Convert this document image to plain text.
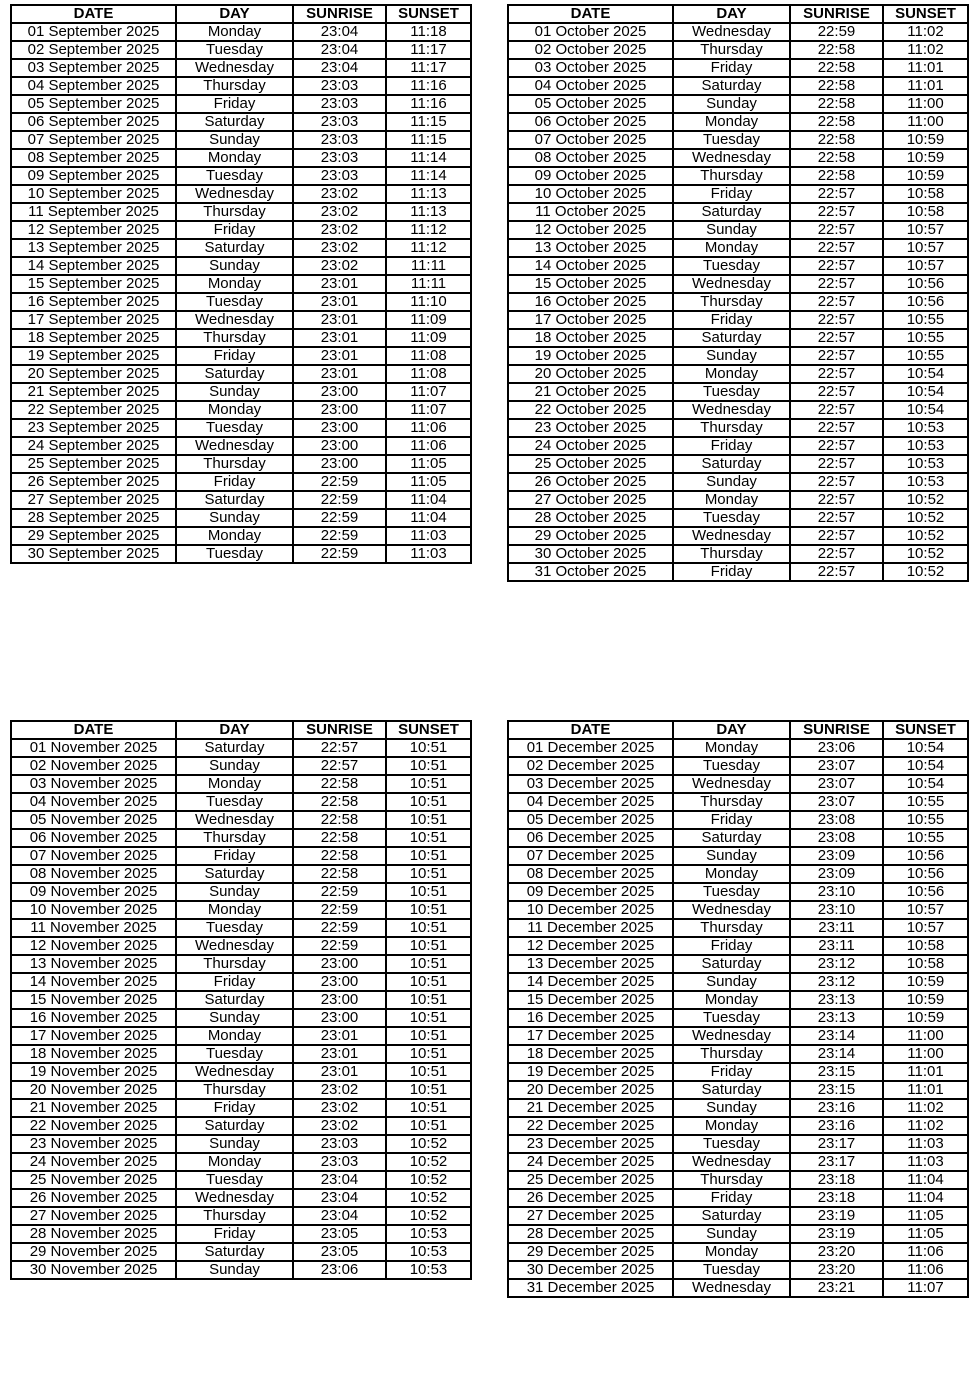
DATE	DAY	SUNRISE	SUNSET
01 September 2025	Monday	23:04	11:18
02 September 2025	Tuesday	23:04	11:17
03 September 2025	Wednesday	23:04	11:17
04 September 2025	Thursday	23:03	11:16
05 September 2025	Friday	23:03	11:16
06 September 2025	Saturday	23:03	11:15
07 September 2025	Sunday	23:03	11:15
08 September 2025	Monday	23:03	11:14
09 September 2025	Tuesday	23:03	11:14
10 September 2025	Wednesday	23:02	11:13
11 September 2025	Thursday	23:02	11:13
12 September 2025	Friday	23:02	11:12
13 September 2025	Saturday	23:02	11:12
14 September 2025	Sunday	23:02	11:11
15 September 2025	Monday	23:01	11:11
16 September 2025	Tuesday	23:01	11:10
17 September 2025	Wednesday	23:01	11:09
18 September 2025	Thursday	23:01	11:09
19 September 2025	Friday	23:01	11:08
20 September 2025	Saturday	23:01	11:08
21 September 2025	Sunday	23:00	11:07
22 September 2025	Monday	23:00	11:07
23 September 2025	Tuesday	23:00	11:06
24 September 2025	Wednesday	23:00	11:06
25 September 2025	Thursday	23:00	11:05
26 September 2025	Friday	22:59	11:05
27 September 2025	Saturday	22:59	11:04
28 September 2025	Sunday	22:59	11:04
29 September 2025	Monday	22:59	11:03
30 September 2025	Tuesday	22:59	11:03
DATE	DAY	SUNRISE	SUNSET
01 October 2025	Wednesday	22:59	11:02
02 October 2025	Thursday	22:58	11:02
03 October 2025	Friday	22:58	11:01
04 October 2025	Saturday	22:58	11:01
05 October 2025	Sunday	22:58	11:00
06 October 2025	Monday	22:58	11:00
07 October 2025	Tuesday	22:58	10:59
08 October 2025	Wednesday	22:58	10:59
09 October 2025	Thursday	22:58	10:59
10 October 2025	Friday	22:57	10:58
11 October 2025	Saturday	22:57	10:58
12 October 2025	Sunday	22:57	10:57
13 October 2025	Monday	22:57	10:57
14 October 2025	Tuesday	22:57	10:57
15 October 2025	Wednesday	22:57	10:56
16 October 2025	Thursday	22:57	10:56
17 October 2025	Friday	22:57	10:55
18 October 2025	Saturday	22:57	10:55
19 October 2025	Sunday	22:57	10:55
20 October 2025	Monday	22:57	10:54
21 October 2025	Tuesday	22:57	10:54
22 October 2025	Wednesday	22:57	10:54
23 October 2025	Thursday	22:57	10:53
24 October 2025	Friday	22:57	10:53
25 October 2025	Saturday	22:57	10:53
26 October 2025	Sunday	22:57	10:53
27 October 2025	Monday	22:57	10:52
28 October 2025	Tuesday	22:57	10:52
29 October 2025	Wednesday	22:57	10:52
30 October 2025	Thursday	22:57	10:52
31 October 2025	Friday	22:57	10:52
DATE	DAY	SUNRISE	SUNSET
01 November 2025	Saturday	22:57	10:51
02 November 2025	Sunday	22:57	10:51
03 November 2025	Monday	22:58	10:51
04 November 2025	Tuesday	22:58	10:51
05 November 2025	Wednesday	22:58	10:51
06 November 2025	Thursday	22:58	10:51
07 November 2025	Friday	22:58	10:51
08 November 2025	Saturday	22:58	10:51
09 November 2025	Sunday	22:59	10:51
10 November 2025	Monday	22:59	10:51
11 November 2025	Tuesday	22:59	10:51
12 November 2025	Wednesday	22:59	10:51
13 November 2025	Thursday	23:00	10:51
14 November 2025	Friday	23:00	10:51
15 November 2025	Saturday	23:00	10:51
16 November 2025	Sunday	23:00	10:51
17 November 2025	Monday	23:01	10:51
18 November 2025	Tuesday	23:01	10:51
19 November 2025	Wednesday	23:01	10:51
20 November 2025	Thursday	23:02	10:51
21 November 2025	Friday	23:02	10:51
22 November 2025	Saturday	23:02	10:51
23 November 2025	Sunday	23:03	10:52
24 November 2025	Monday	23:03	10:52
25 November 2025	Tuesday	23:04	10:52
26 November 2025	Wednesday	23:04	10:52
27 November 2025	Thursday	23:04	10:52
28 November 2025	Friday	23:05	10:53
29 November 2025	Saturday	23:05	10:53
30 November 2025	Sunday	23:06	10:53
DATE	DAY	SUNRISE	SUNSET
01 December 2025	Monday	23:06	10:54
02 December 2025	Tuesday	23:07	10:54
03 December 2025	Wednesday	23:07	10:54
04 December 2025	Thursday	23:07	10:55
05 December 2025	Friday	23:08	10:55
06 December 2025	Saturday	23:08	10:55
07 December 2025	Sunday	23:09	10:56
08 December 2025	Monday	23:09	10:56
09 December 2025	Tuesday	23:10	10:56
10 December 2025	Wednesday	23:10	10:57
11 December 2025	Thursday	23:11	10:57
12 December 2025	Friday	23:11	10:58
13 December 2025	Saturday	23:12	10:58
14 December 2025	Sunday	23:12	10:59
15 December 2025	Monday	23:13	10:59
16 December 2025	Tuesday	23:13	10:59
17 December 2025	Wednesday	23:14	11:00
18 December 2025	Thursday	23:14	11:00
19 December 2025	Friday	23:15	11:01
20 December 2025	Saturday	23:15	11:01
21 December 2025	Sunday	23:16	11:02
22 December 2025	Monday	23:16	11:02
23 December 2025	Tuesday	23:17	11:03
24 December 2025	Wednesday	23:17	11:03
25 December 2025	Thursday	23:18	11:04
26 December 2025	Friday	23:18	11:04
27 December 2025	Saturday	23:19	11:05
28 December 2025	Sunday	23:19	11:05
29 December 2025	Monday	23:20	11:06
30 December 2025	Tuesday	23:20	11:06
31 December 2025	Wednesday	23:21	11:07
